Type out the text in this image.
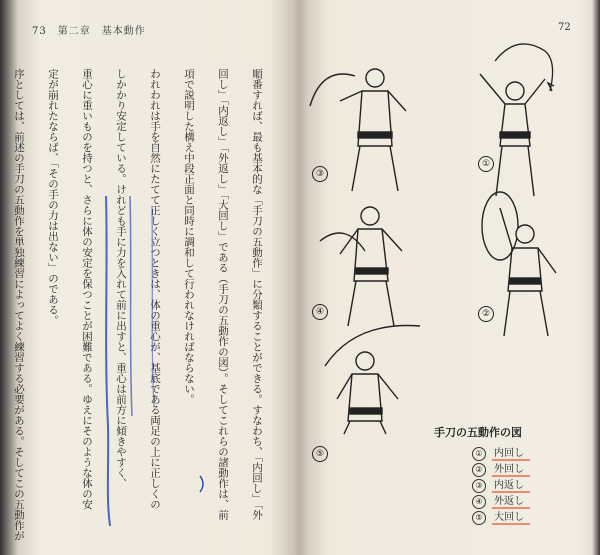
73　第二章　基本動作

順番すれば、最も基本的な「手刀の五動作」に分類することができる。すなわち、「内回し」「外

回し」「内返し」「外返し」「大回し」である（手刀の五動作の図）。そしてこれらの諸動作は、前

項で説明した構え中段正面と同時に調和して行われなければならない。

われわれは手を自然にたてて正しく立つときは、体の重心が、基底である両足の上に正しくの

しかかり安定している。けれども手に力を入れて前に出すと、重心は前方に傾きやすく、

重心に重いものを持つと、さらに体の安定を保つことが困難である。ゆえにそのような体の安

定が崩れたならば、「その手の力は出ない」のである。

序としては、前述の手刀の五動作を単独練習によってよく練習する必要がある。そしてこの五動作が

72
①
③
②
④
⑤
手刀の五動作の図
① 内回し
② 外回し
③ 内返し
④ 外返し
⑤ 大回し
